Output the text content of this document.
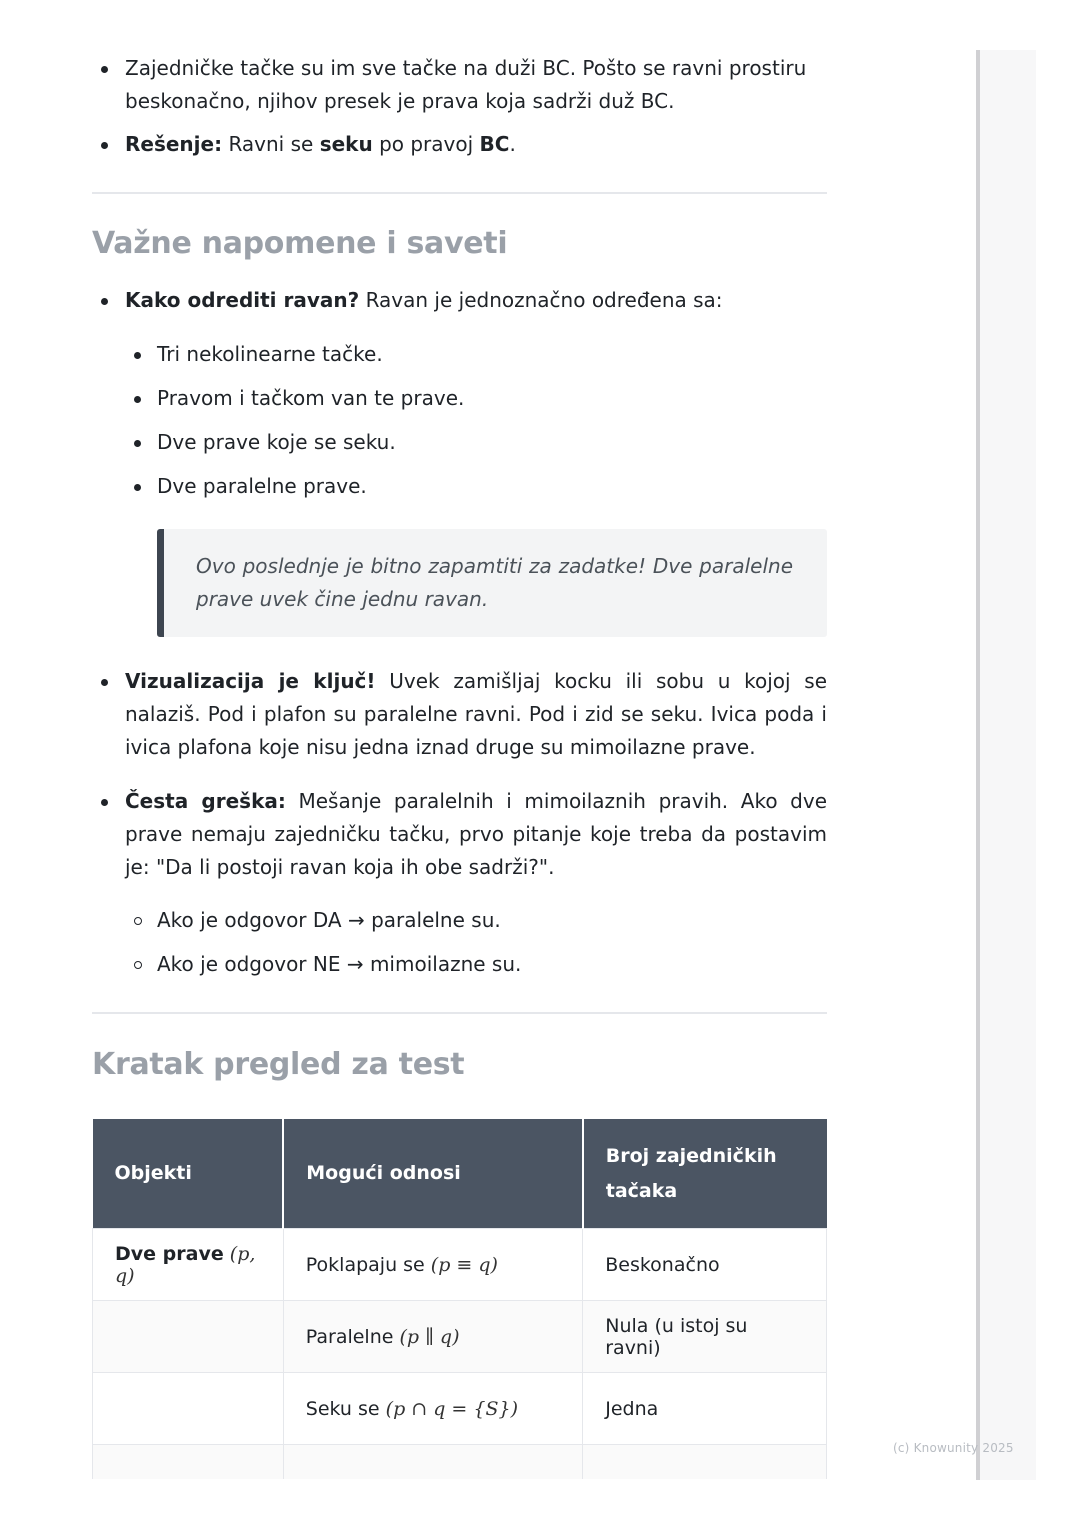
Zajedničke tačke su im sve tačke na duži BC. Pošto se ravni prostiru beskonačno, njihov presek je prava koja sadrži duž BC.
Rešenje: Ravni se seku po pravoj BC.
Važne napomene i saveti
Kako odrediti ravan? Ravan je jednoznačno određena sa:
Tri nekolinearne tačke.
Pravom i tačkom van te prave.
Dve prave koje se seku.
Dve paralelne prave.
Ovo poslednje je bitno zapamtiti za zadatke! Dve paralelne prave uvek čine jednu ravan.
Vizualizacija je ključ! Uvek zamišljaj kocku ili sobu u kojoj se nalaziš. Pod i plafon su paralelne ravni. Pod i zid se seku. Ivica poda i ivica plafona koje nisu jedna iznad druge su mimoilazne prave.
Česta greška: Mešanje paralelnih i mimoilaznih pravih. Ako dve prave nemaju zajedničku tačku, prvo pitanje koje treba da postavim je: "Da li postoji ravan koja ih obe sadrži?".
Ako je odgovor DA → paralelne su.
Ako je odgovor NE → mimoilazne su.
Kratak pregled za test
Objekti	Mogući odnosi	Broj zajedničkih tačaka
Dve prave (p, q)	Poklapaju se (p ≡ q)	Beskonačno
	Paralelne (p ∥ q)	Nula (u istoj su ravni)
	Seku se (p ∩ q = {S})	Jedna

(c) Knowunity 2025
